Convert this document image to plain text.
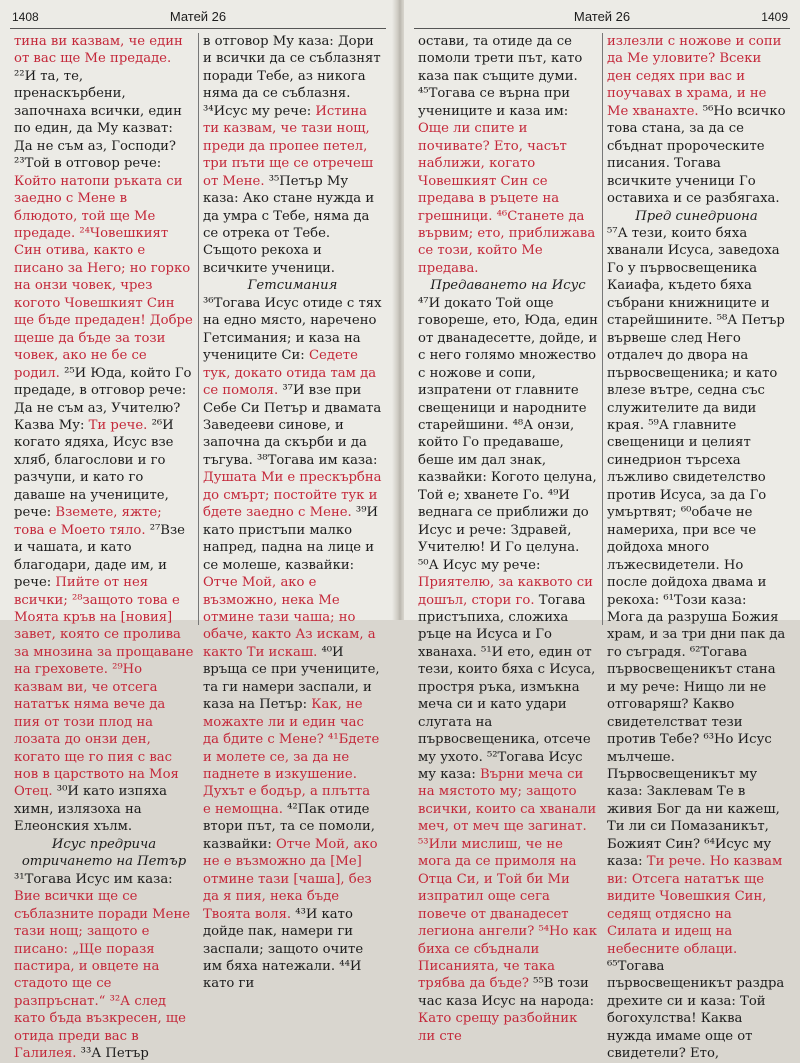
1408	Матей 26

тина ви казвам, че един от вас ще Ме предаде. ²²И та, те, пренаскърбени, започнаха всички, един по един, да Му казват: Да не съм аз, Господи? ²³Той в отговор рече: Който натопи ръката си заедно с Мене в блюдото, той ще Ме предаде. ²⁴Човешкият Син отива, както е писано за Него; но горко на онзи човек, чрез когото Човешкият Син ще бъде предаден! Добре щеше да бъде за този човек, ако не бе се родил. ²⁵И Юда, който Го предаде, в отговор рече: Да не съм аз, Учителю? Казва Му: Ти рече. ²⁶И когато ядяха, Исус взе хляб, благослови и го разчупи, и като го даваше на учениците, рече: Вземете, яжте; това е Моето тяло. ²⁷Взе и чашата, и като благодари, даде им, и рече: Пийте от нея всички; ²⁸защото това е Моята кръв на [новия] завет, която се пролива за мнозина за прощаване на греховете. ²⁹Но казвам ви, че отсега нататък няма вече да пия от този плод на лозата до онзи ден, когато ще го пия с вас нов в царството на Моя Отец. ³⁰И като изпяха химн, излязоха на Елеонския хълм.

Исус предрича отричането на Петър

³¹Тогава Исус им каза: Вие всички ще се съблазните поради Мене тази нощ; защото е писано: „Ще поразя пастира, и овцете на стадото ще се разпръснат.“ ³²А след като бъда възкресен, ще отида преди вас в Галилея. ³³А Петър

в отговор Му каза: Дори и всички да се съблазнят поради Тебе, аз никога няма да се съблазня. ³⁴Исус му рече: Истина ти казвам, че тази нощ, преди да пропее петел, три пъти ще се отречеш от Мене. ³⁵Петър Му каза: Ако стане нужда и да умра с Тебе, няма да се отрека от Тебе. Същото рекоха и всичките ученици.

Гетсимания

³⁶Тогава Исус отиде с тях на едно място, наречено Гетсимания; и каза на учениците Си: Седете тук, докато отида там да се помоля. ³⁷И взе при Себе Си Петър и двамата Заведееви синове, и започна да скърби и да тъгува. ³⁸Тогава им каза: Душата Ми е прескърбна до смърт; постойте тук и бдете заедно с Мене. ³⁹И като пристъпи малко напред, падна на лице и се молеше, казвайки: Отче Мой, ако е възможно, нека Ме отмине тази чаша; но обаче, както Аз искам, а както Ти искаш. ⁴⁰И връща се при учениците, та ги намери заспали, и каза на Петър: Как, не можахте ли и един час да бдите с Мене? ⁴¹Бдете и молете се, за да не паднете в изкушение. Духът е бодър, а плътта е немощна. ⁴²Пак отиде втори път, та се помоли, казвайки: Отче Мой, ако не е възможно да [Ме] отмине тази [чаша], без да я пия, нека бъде Твоята воля. ⁴³И като дойде пак, намери ги заспали; защото очите им бяха натежали. ⁴⁴И като ги

Матей 26	1409

остави, та отиде да се помоли трети път, като каза пак същите думи. ⁴⁵Тогава се върна при учениците и каза им: Още ли спите и почивате? Ето, часът наближи, когато Човешкият Син се предава в ръцете на грешници. ⁴⁶Станете да вървим; ето, приближава се този, който Ме предава.

Предаването на Исус

⁴⁷И докато Той още говореше, ето, Юда, един от дванадесетте, дойде, и с него голямо множество с ножове и сопи, изпратени от главните свещеници и народните старейшини. ⁴⁸А онзи, който Го предаваше, беше им дал знак, казвайки: Когото целуна, Той е; хванете Го. ⁴⁹И веднага се приближи до Исус и рече: Здравей, Учителю! И Го целуна. ⁵⁰А Исус му рече: Приятелю, за каквото си дошъл, стори го. Тогава пристъпиха, сложиха ръце на Исуса и Го хванаха. ⁵¹И ето, един от тези, които бяха с Исуса, простря ръка, измъкна меча си и като удари слугата на първосвещеника, отсече му ухото. ⁵²Тогава Исус му каза: Върни меча си на мястото му; защото всички, които са хванали меч, от меч ще загинат. ⁵³Или мислиш, че не мога да се примоля на Отца Си, и Той би Ми изпратил още сега повече от дванадесет легиона ангели? ⁵⁴Но как биха се сбъднали Писанията, че така трябва да бъде? ⁵⁵В този час каза Исус на народа: Като срещу разбойник ли сте

излезли с ножове и сопи да Ме уловите? Всеки ден седях при вас и поучавах в храма, и не Ме хванахте. ⁵⁶Но всичко това стана, за да се сбъднат пророческите писания. Тогава всичките ученици Го оставиха и се разбягаха.

Пред синедриона

⁵⁷А тези, които бяха хванали Исуса, заведоха Го у първосвещеника Каиафа, където бяха събрани книжниците и старейшините. ⁵⁸А Петър вървеше след Него отдалеч до двора на първосвещеника; и като влезе вътре, седна със служителите да види края. ⁵⁹А главните свещеници и целият синедрион търсеха лъжливо свидетелство против Исуса, за да Го умъртвят; ⁶⁰обаче не намериха, при все че дойдоха много лъжесвидетели. Но после дойдоха двама и рекоха: ⁶¹Този каза: Мога да разруша Божия храм, и за три дни пак да го съградя. ⁶²Тогава първосвещеникът стана и му рече: Нищо ли не отговаряш? Какво свидетелстват тези против Тебе? ⁶³Но Исус мълчеше. Първосвещеникът му каза: Заклевам Те в живия Бог да ни кажеш, Ти ли си Помазаникът, Божият Син? ⁶⁴Исус му каза: Ти рече. Но казвам ви: Отсега нататък ще видите Човешкия Син, седящ отдясно на Силата и идещ на небесните облаци. ⁶⁵Тогава първосвещеникът раздра дрехите си и каза: Той богохулства! Каква нужда имаме още от свидетели? Ето,
